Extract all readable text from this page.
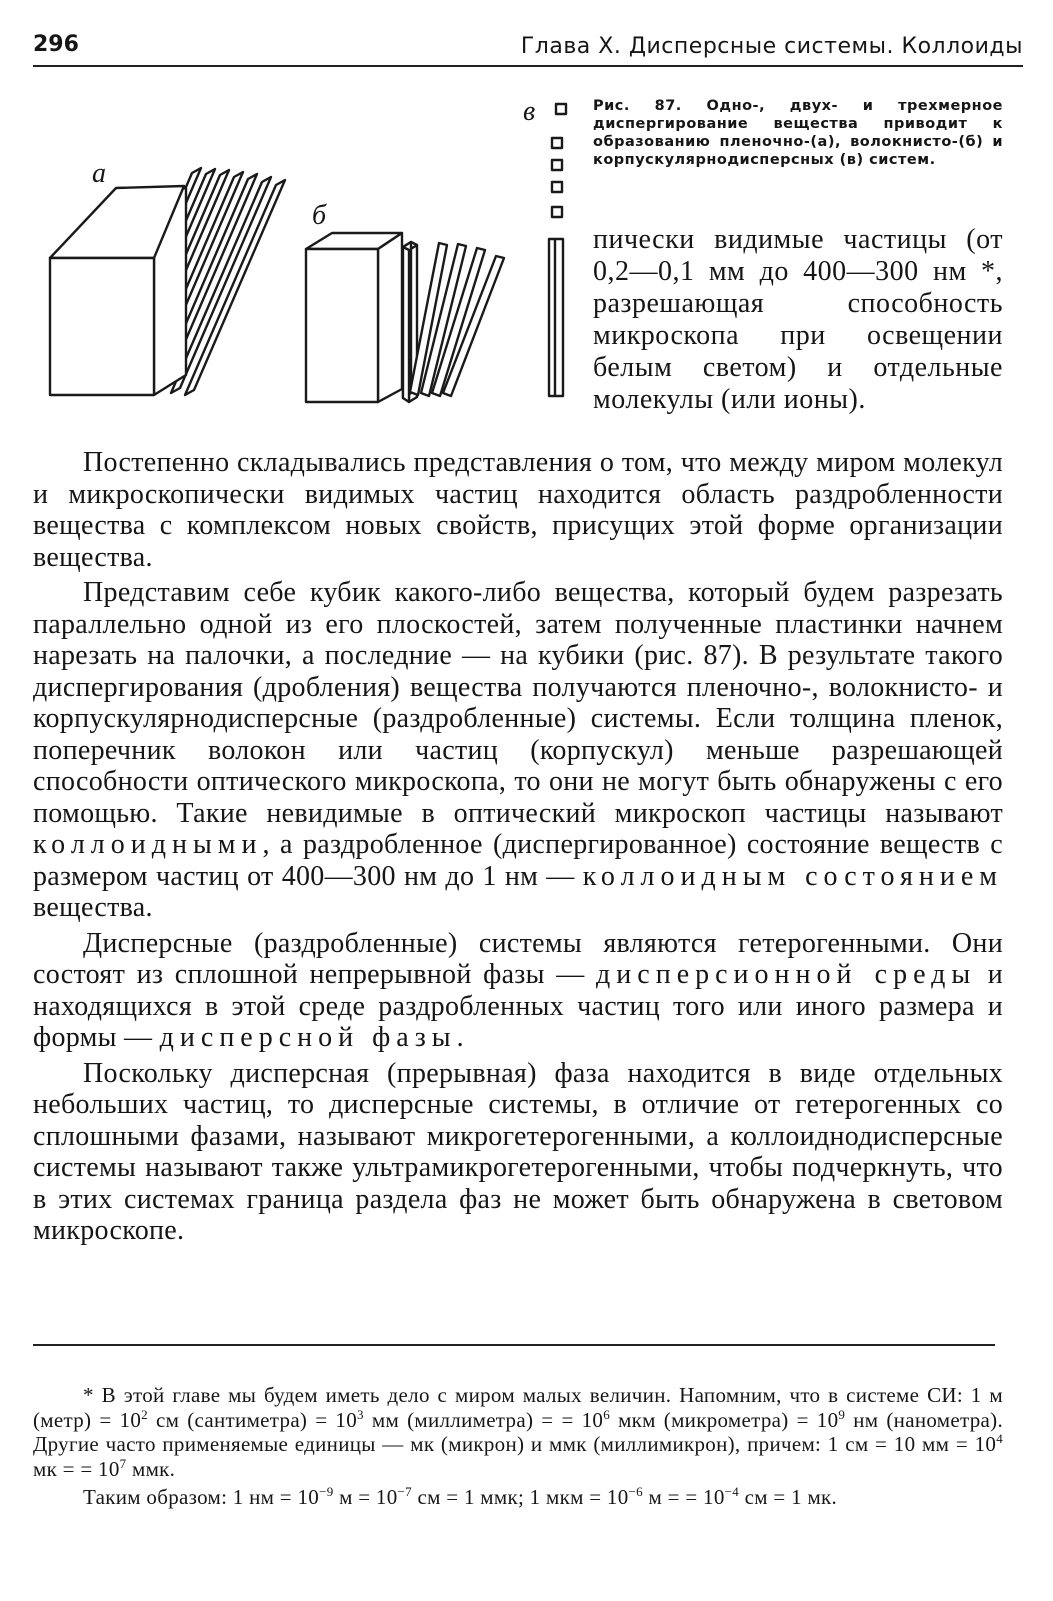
296	Глава X. Дисперсные системы. Коллоиды
а
б
в	Рис. 87. Одно-, двух- и трехмерное диспергирование вещества приводит к образованию пленочно-(а), волокнисто-(б) и корпускулярнодисперсных (в) систем.
пически видимые частицы (от 0,2—0,1 мм до 400—300 нм *, разрешающая способность микроскопа при освещении белым светом) и отдельные молекулы (или ионы).

Постепенно складывались представления о том, что между миром молекул и микроскопически видимых частиц находится область раздробленности вещества с комплексом новых свойств, присущих этой форме организации вещества.

Представим себе кубик какого-либо вещества, который будем разрезать параллельно одной из его плоскостей, затем полученные пластинки начнем нарезать на палочки, а последние — на кубики (рис. 87). В результате такого диспергирования (дробления) вещества получаются пленочно-, волокнисто- и корпускулярнодисперсные (раздробленные) системы. Если толщина пленок, поперечник волокон или частиц (корпускул) меньше разрешающей способности оптического микроскопа, то они не могут быть обнаружены с его помощью. Такие невидимые в оптический микроскоп частицы называют коллоидными, а раздробленное (диспергированное) состояние веществ с размером частиц от 400—300 нм до 1 нм — коллоидным состоянием вещества.

Дисперсные (раздробленные) системы являются гетерогенными. Они состоят из сплошной непрерывной фазы — дисперсионной среды и находящихся в этой среде раздробленных частиц того или иного размера и формы — дисперсной фазы.

Поскольку дисперсная (прерывная) фаза находится в виде отдельных небольших частиц, то дисперсные системы, в отличие от гетерогенных со сплошными фазами, называют микрогетерогенными, а коллоиднодисперсные системы называют также ультрамикрогетерогенными, чтобы подчеркнуть, что в этих системах граница раздела фаз не может быть обнаружена в световом микроскопе.

* В этой главе мы будем иметь дело с миром малых величин. Напомним, что в системе СИ: 1 м (метр) = $10^2$ см (сантиметра) = $10^3$ мм (миллиметра) = = $10^6$ мкм (микрометра) = $10^9$ нм (нанометра). Другие часто применяемые единицы — мк (микрон) и ммк (миллимикрон), причем: 1 см = 10 мм = $10^4$ мк = = $10^7$ ммк.

Таким образом: 1 нм = $10^{-9}$ $м = 10^{-7}$ см = 1 ммк; 1 мкм = $10^{-6}$ м = = $10^{-4}$ см = 1 мк.
